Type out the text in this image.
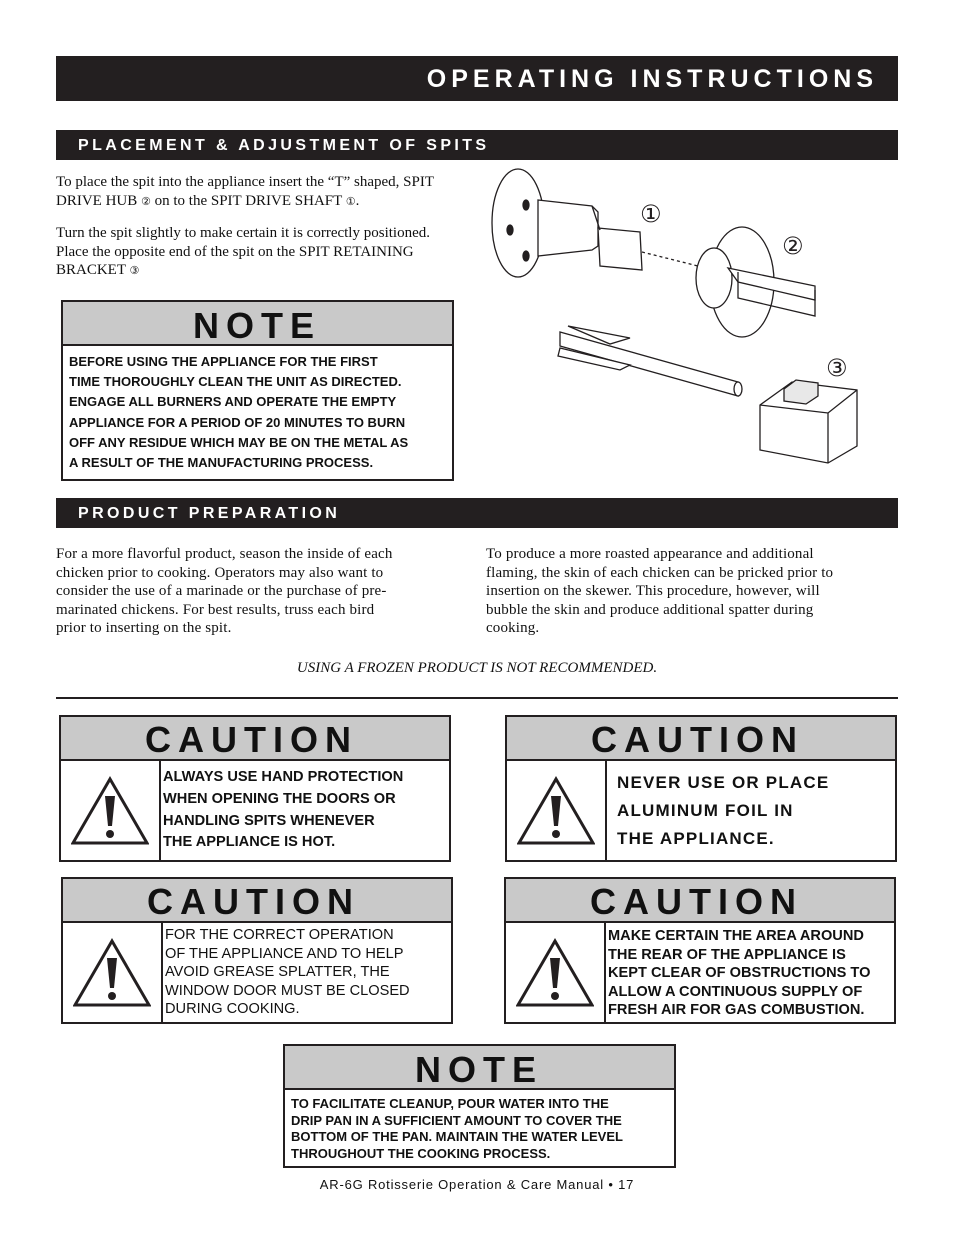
OPERATING INSTRUCTIONS
PLACEMENT & ADJUSTMENT OF SPITS
To place the spit into the appliance insert the “T” shaped, SPIT DRIVE HUB ② on to the SPIT DRIVE SHAFT ①.
Turn the spit slightly to make certain it is correctly positioned. Place the opposite end of the spit on the SPIT RETAINING BRACKET ③
NOTE
BEFORE USING THE APPLIANCE FOR THE FIRST
TIME THOROUGHLY CLEAN THE UNIT AS DIRECTED.
ENGAGE ALL BURNERS AND OPERATE THE EMPTY
APPLIANCE FOR A PERIOD OF 20 MINUTES TO BURN
OFF ANY RESIDUE WHICH MAY BE ON THE METAL AS
A RESULT OF THE MANUFACTURING PROCESS.
①
②
③
PRODUCT PREPARATION
For a more flavorful product, season the inside of each
chicken prior to cooking. Operators may also want to
consider the use of a marinade or the purchase of pre-
marinated chickens. For best results, truss each bird
prior to inserting on the spit.
To produce a more roasted appearance and additional
flaming, the skin of each chicken can be pricked prior to
insertion on the skewer. This procedure, however, will
bubble the skin and produce additional spatter during
cooking.
USING A FROZEN PRODUCT IS NOT RECOMMENDED.
CAUTION
ALWAYS USE HAND PROTECTION
WHEN OPENING THE DOORS OR
HANDLING SPITS WHENEVER
THE APPLIANCE IS HOT.
CAUTION
NEVER USE OR PLACE
ALUMINUM FOIL IN
THE APPLIANCE.
CAUTION
FOR THE CORRECT OPERATION
OF THE APPLIANCE AND TO HELP
AVOID GREASE SPLATTER, THE
WINDOW DOOR MUST BE CLOSED
DURING COOKING.
CAUTION
MAKE CERTAIN THE AREA AROUND
THE REAR OF THE APPLIANCE IS
KEPT CLEAR OF OBSTRUCTIONS TO
ALLOW A CONTINUOUS SUPPLY OF
FRESH AIR FOR GAS COMBUSTION.
NOTE
TO FACILITATE CLEANUP, POUR WATER INTO THE
DRIP PAN IN A SUFFICIENT AMOUNT TO COVER THE
BOTTOM OF THE PAN. MAINTAIN THE WATER LEVEL
THROUGHOUT THE COOKING PROCESS.
AR-6G Rotisserie Operation & Care Manual • 17
